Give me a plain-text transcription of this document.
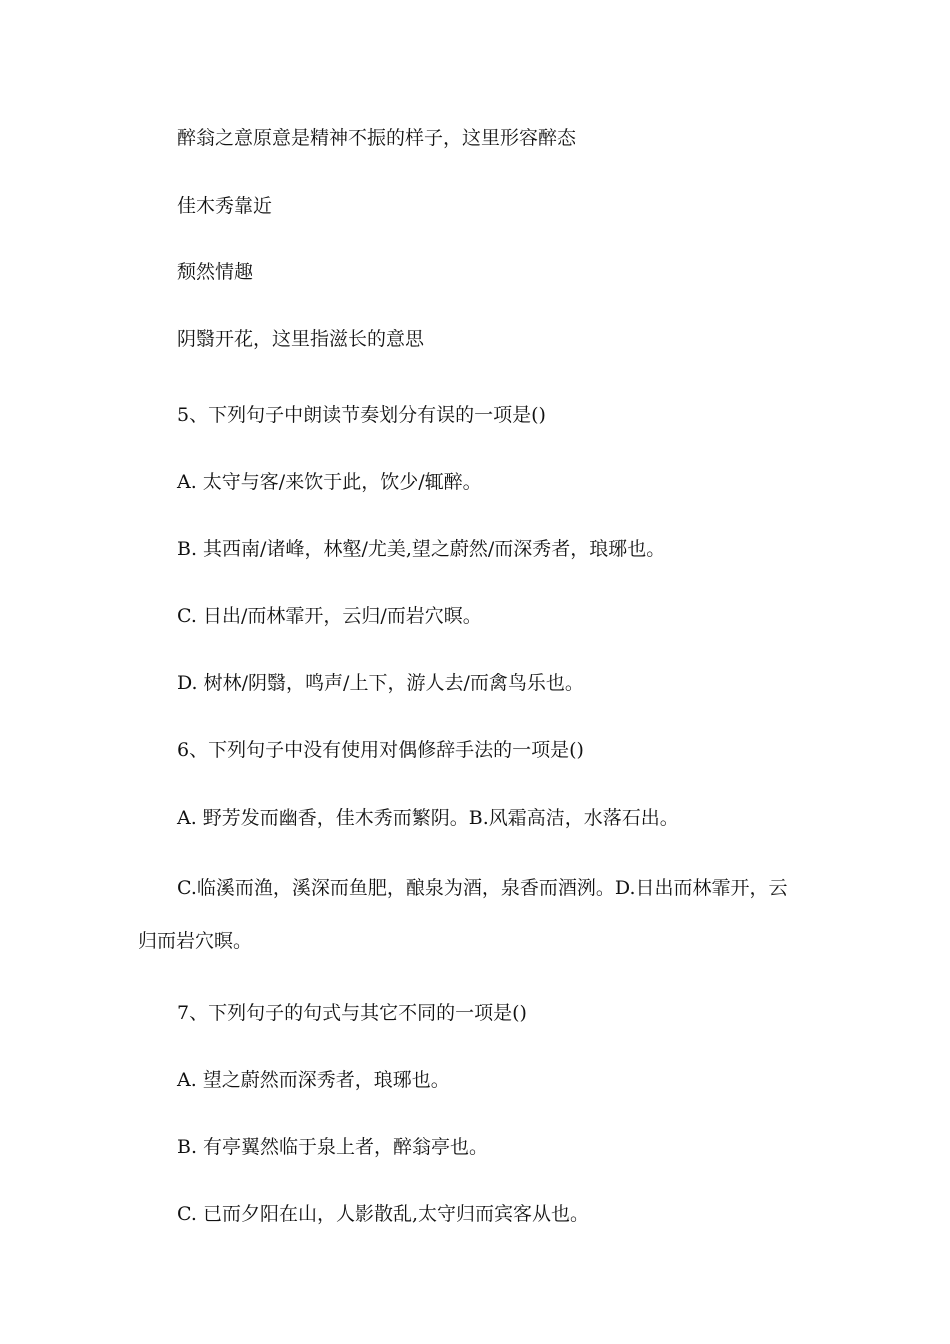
醉翁之意原意是精神不振的样子，这里形容醉态

佳木秀靠近

颓然情趣

阴翳开花，这里指滋长的意思

5、下列句子中朗读节奏划分有误的一项是()

A. 太守与客/来饮于此，饮少/辄醉。

B. 其西南/诸峰，林壑/尤美,望之蔚然/而深秀者，琅琊也。

C. 日出/而林霏开，云归/而岩穴暝。

D. 树林/阴翳，鸣声/上下，游人去/而禽鸟乐也。

6、下列句子中没有使用对偶修辞手法的一项是()

A. 野芳发而幽香，佳木秀而繁阴。B.风霜高洁，水落石出。

C.临溪而渔，溪深而鱼肥，酿泉为酒，泉香而酒洌。D.日出而林霏开，云

归而岩穴暝。

7、下列句子的句式与其它不同的一项是()

A. 望之蔚然而深秀者，琅琊也。

B. 有亭翼然临于泉上者，醉翁亭也。

C. 已而夕阳在山，人影散乱,太守归而宾客从也。
